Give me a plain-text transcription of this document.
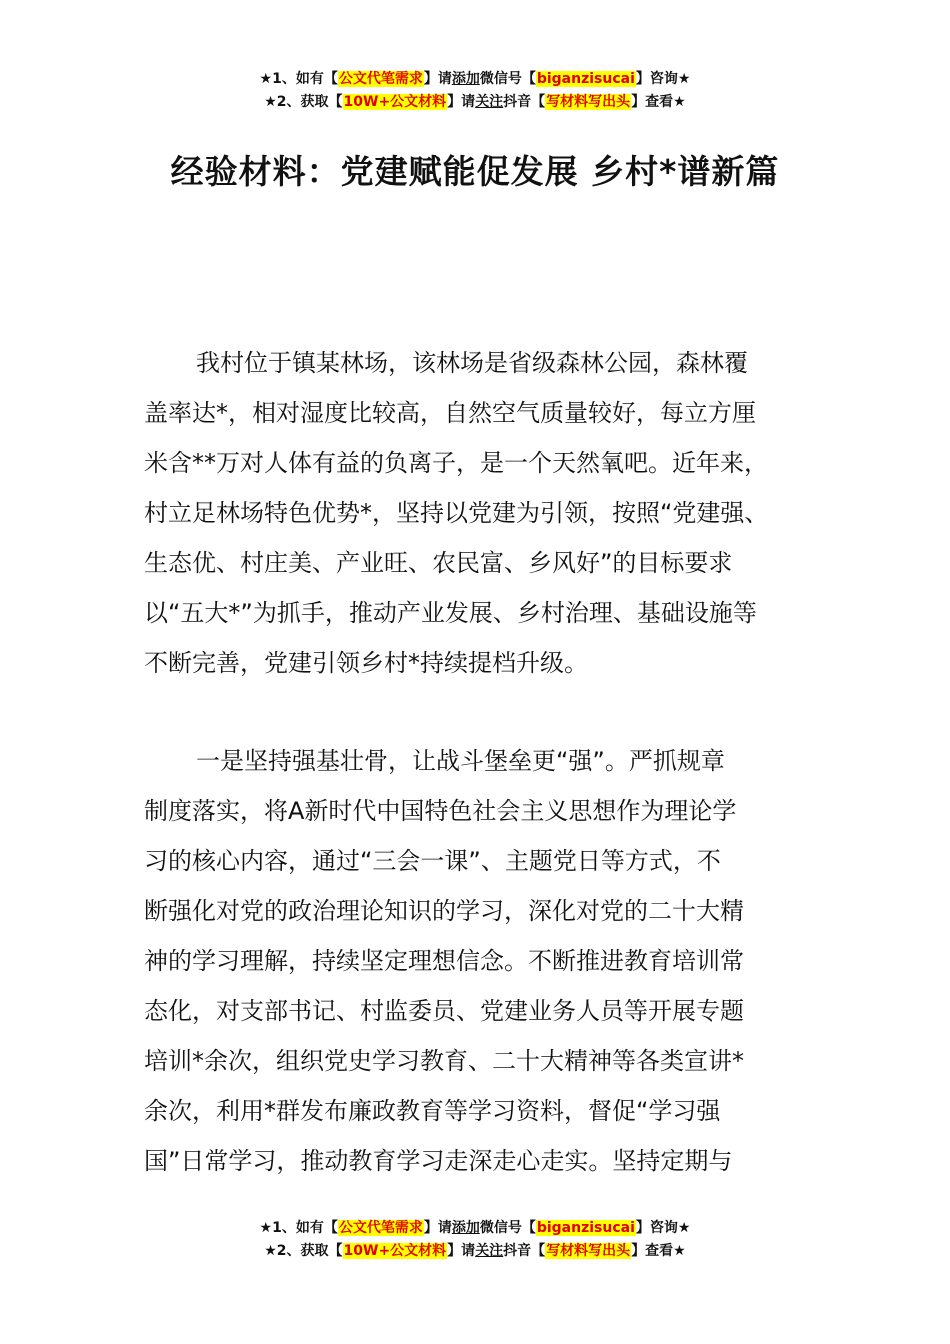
★1、如有【公文代笔需求】请添加微信号【biganzisucai】咨询★
★2、获取【10W+公文材料】请关注抖音【写材料写出头】查看★
经验材料：党建赋能促发展 乡村*谱新篇
我村位于镇某林场，该林场是省级森林公园，森林覆
盖率达*，相对湿度比较高，自然空气质量较好，每立方厘
米含**万对人体有益的负离子，是一个天然氧吧。近年来，
村立足林场特色优势*，坚持以党建为引领，按照“党建强、
生态优、村庄美、产业旺、农民富、乡风好”的目标要求
以“五大*”为抓手，推动产业发展、乡村治理、基础设施等
不断完善，党建引领乡村*持续提档升级。
一是坚持强基壮骨，让战斗堡垒更“强”。严抓规章
制度落实，将A新时代中国特色社会主义思想作为理论学
习的核心内容，通过“三会一课”、主题党日等方式，不
断强化对党的政治理论知识的学习，深化对党的二十大精
神的学习理解，持续坚定理想信念。不断推进教育培训常
态化，对支部书记、村监委员、党建业务人员等开展专题
培训*余次，组织党史学习教育、二十大精神等各类宣讲*
余次，利用*群发布廉政教育等学习资料，督促“学习强
国”日常学习，推动教育学习走深走心走实。坚持定期与
★1、如有【公文代笔需求】请添加微信号【biganzisucai】咨询★
★2、获取【10W+公文材料】请关注抖音【写材料写出头】查看★
